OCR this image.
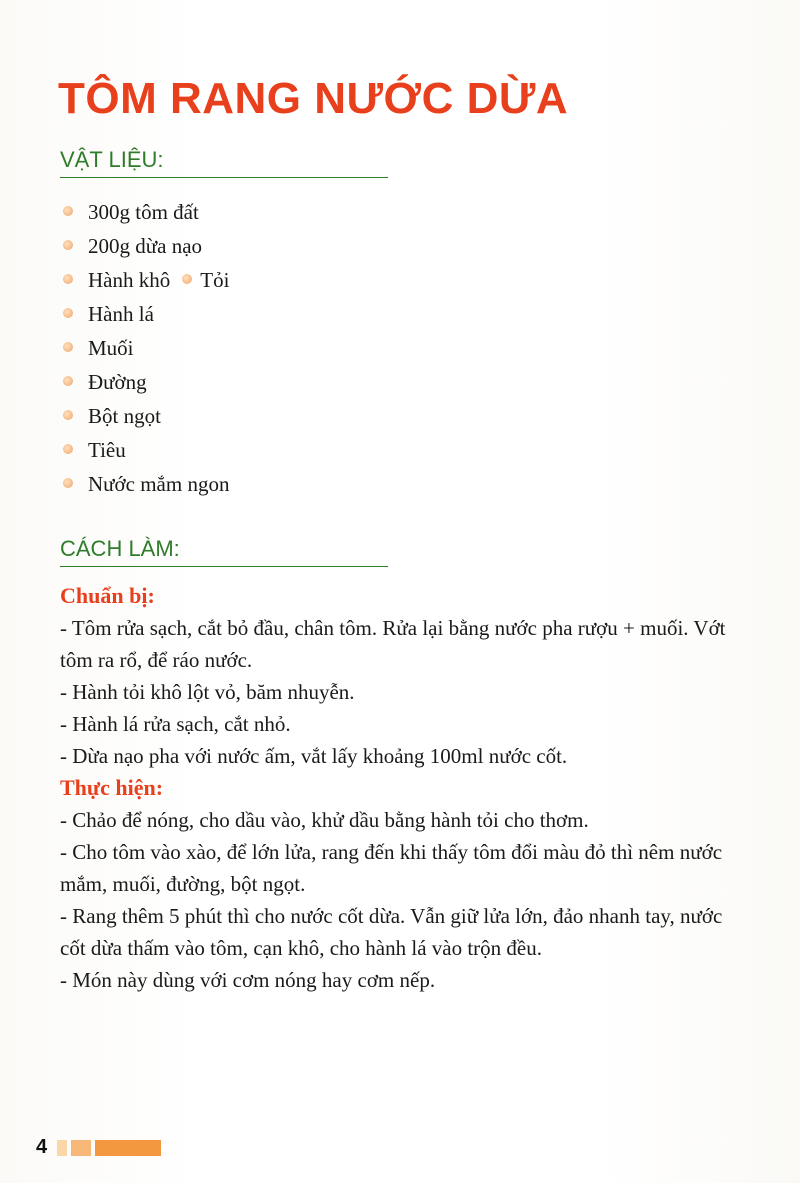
TÔM RANG NƯỚC DỪA
VẬT LIỆU:
300g tôm đất
200g dừa nạo
Hành khô Tỏi
Hành lá
Muối
Đường
Bột ngọt
Tiêu
Nước mắm ngon
CÁCH LÀM:
Chuẩn bị:

- Tôm rửa sạch, cắt bỏ đầu, chân tôm. Rửa lại bằng nước pha rượu + muối. Vớt tôm ra rổ, để ráo nước.

- Hành tỏi khô lột vỏ, băm nhuyễn.

- Hành lá rửa sạch, cắt nhỏ.

- Dừa nạo pha với nước ấm, vắt lấy khoảng 100ml nước cốt.

Thực hiện:

- Chảo để nóng, cho dầu vào, khử dầu bằng hành tỏi cho thơm.

- Cho tôm vào xào, để lớn lửa, rang đến khi thấy tôm đổi màu đỏ thì nêm nước mắm, muối, đường, bột ngọt.

- Rang thêm 5 phút thì cho nước cốt dừa. Vẫn giữ lửa lớn, đảo nhanh tay, nước cốt dừa thấm vào tôm, cạn khô, cho hành lá vào trộn đều.

- Món này dùng với cơm nóng hay cơm nếp.

4
